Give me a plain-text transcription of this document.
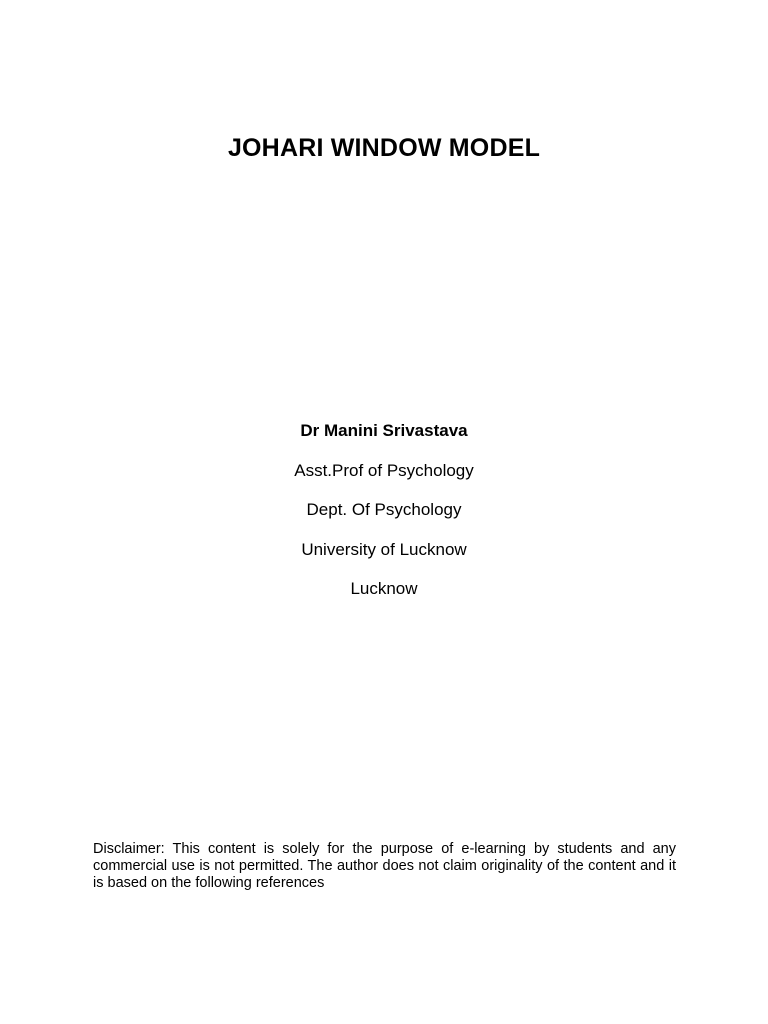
JOHARI WINDOW MODEL
Dr Manini Srivastava
Asst.Prof of Psychology
Dept. Of Psychology
University of Lucknow
Lucknow

Disclaimer: This content is solely for the purpose of e-learning by students and any commercial use is not permitted. The author does not claim originality of the content and it is based on the following references
